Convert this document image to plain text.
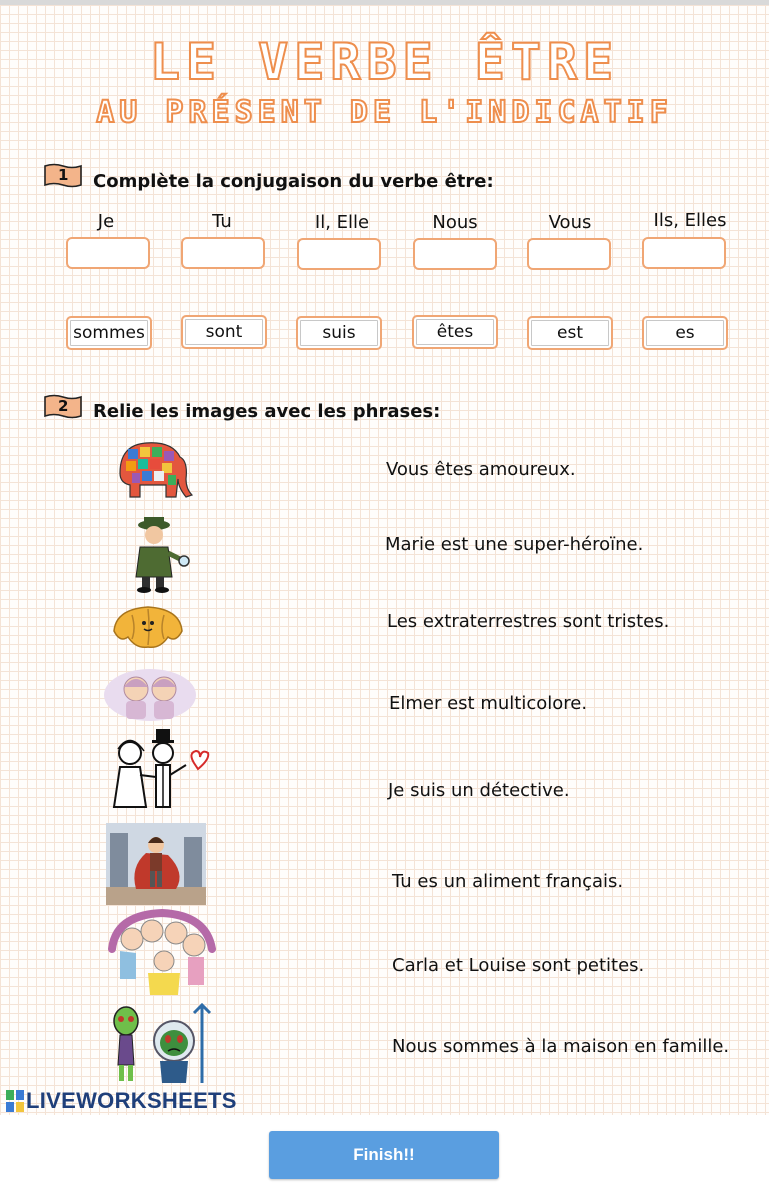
LE VERBE ÊTRE
AU PRÉSENT DE L'INDICATIF
1 Complète la conjugaison du verbe être:
Je	Tu	Il, Elle	Nous	Vous	Ils, Elles
sommes	sont	suis	êtes	est	es
2 Relie les images avec les phrases:
Vous êtes amoureux.
Marie est une super-héroïne.
Les extraterrestres sont tristes.
Elmer est multicolore.
Je suis un détective.
Tu es un aliment français.
Carla et Louise sont petites.
Nous sommes à la maison en famille.
LIVEWORKSHEETS
Finish!!
